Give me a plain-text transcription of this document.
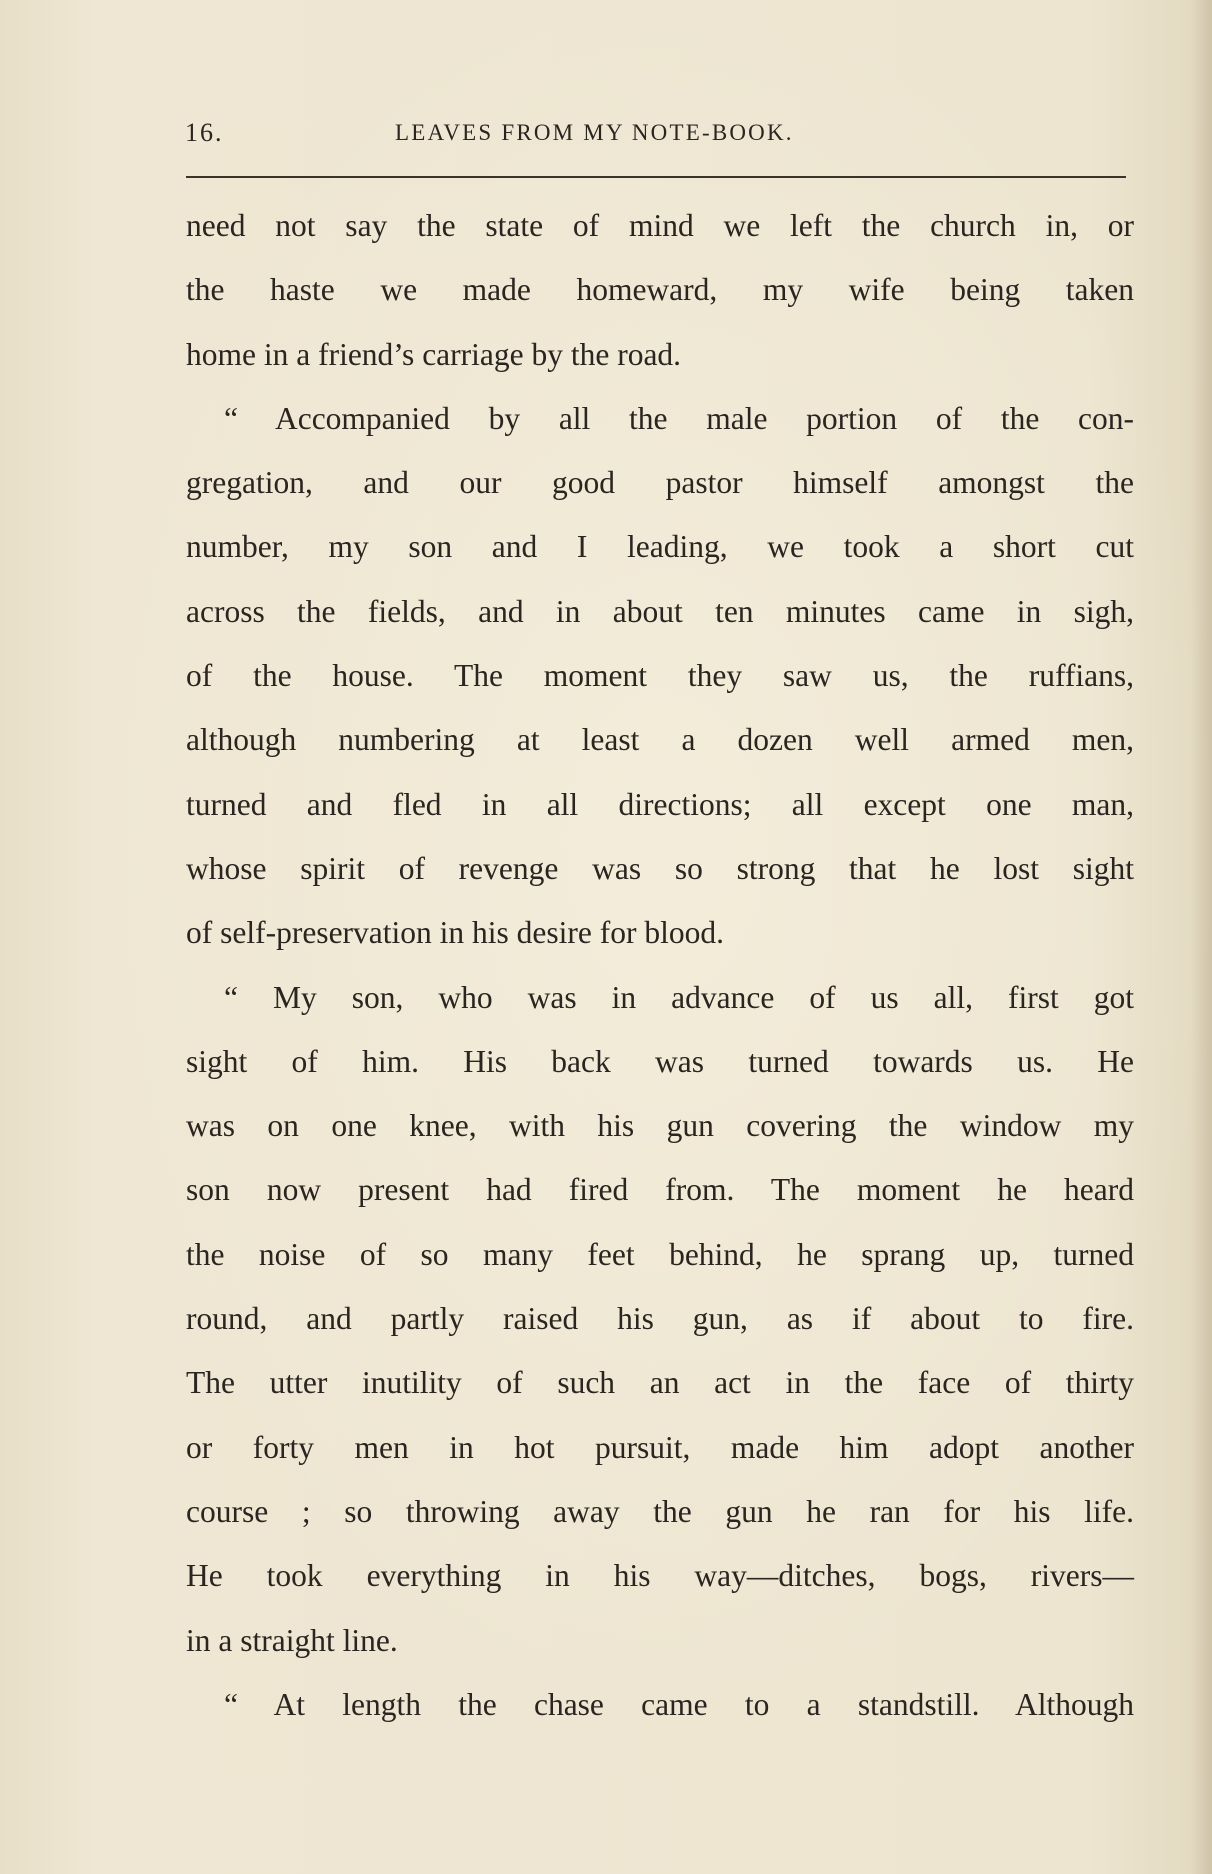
16.	LEAVES FROM MY NOTE-BOOK.
need not say the state of mind we left the church in, or
the haste we made homeward, my wife being taken
home in a friend’s carriage by the road.
“ Accompanied by all the male portion of the con-
gregation, and our good pastor himself amongst the
number, my son and I leading, we took a short cut
across the fields, and in about ten minutes came in sigh,
of the house. The moment they saw us, the ruffians,
although numbering at least a dozen well armed men,
turned and fled in all directions; all except one man,
whose spirit of revenge was so strong that he lost sight
of self-preservation in his desire for blood.
“ My son, who was in advance of us all, first got
sight of him. His back was turned towards us. He
was on one knee, with his gun covering the window my
son now present had fired from. The moment he heard
the noise of so many feet behind, he sprang up, turned
round, and partly raised his gun, as if about to fire.
The utter inutility of such an act in the face of thirty
or forty men in hot pursuit, made him adopt another
course ; so throwing away the gun he ran for his life.
He took everything in his way—ditches, bogs, rivers—
in a straight line.
“ At length the chase came to a standstill. Although
